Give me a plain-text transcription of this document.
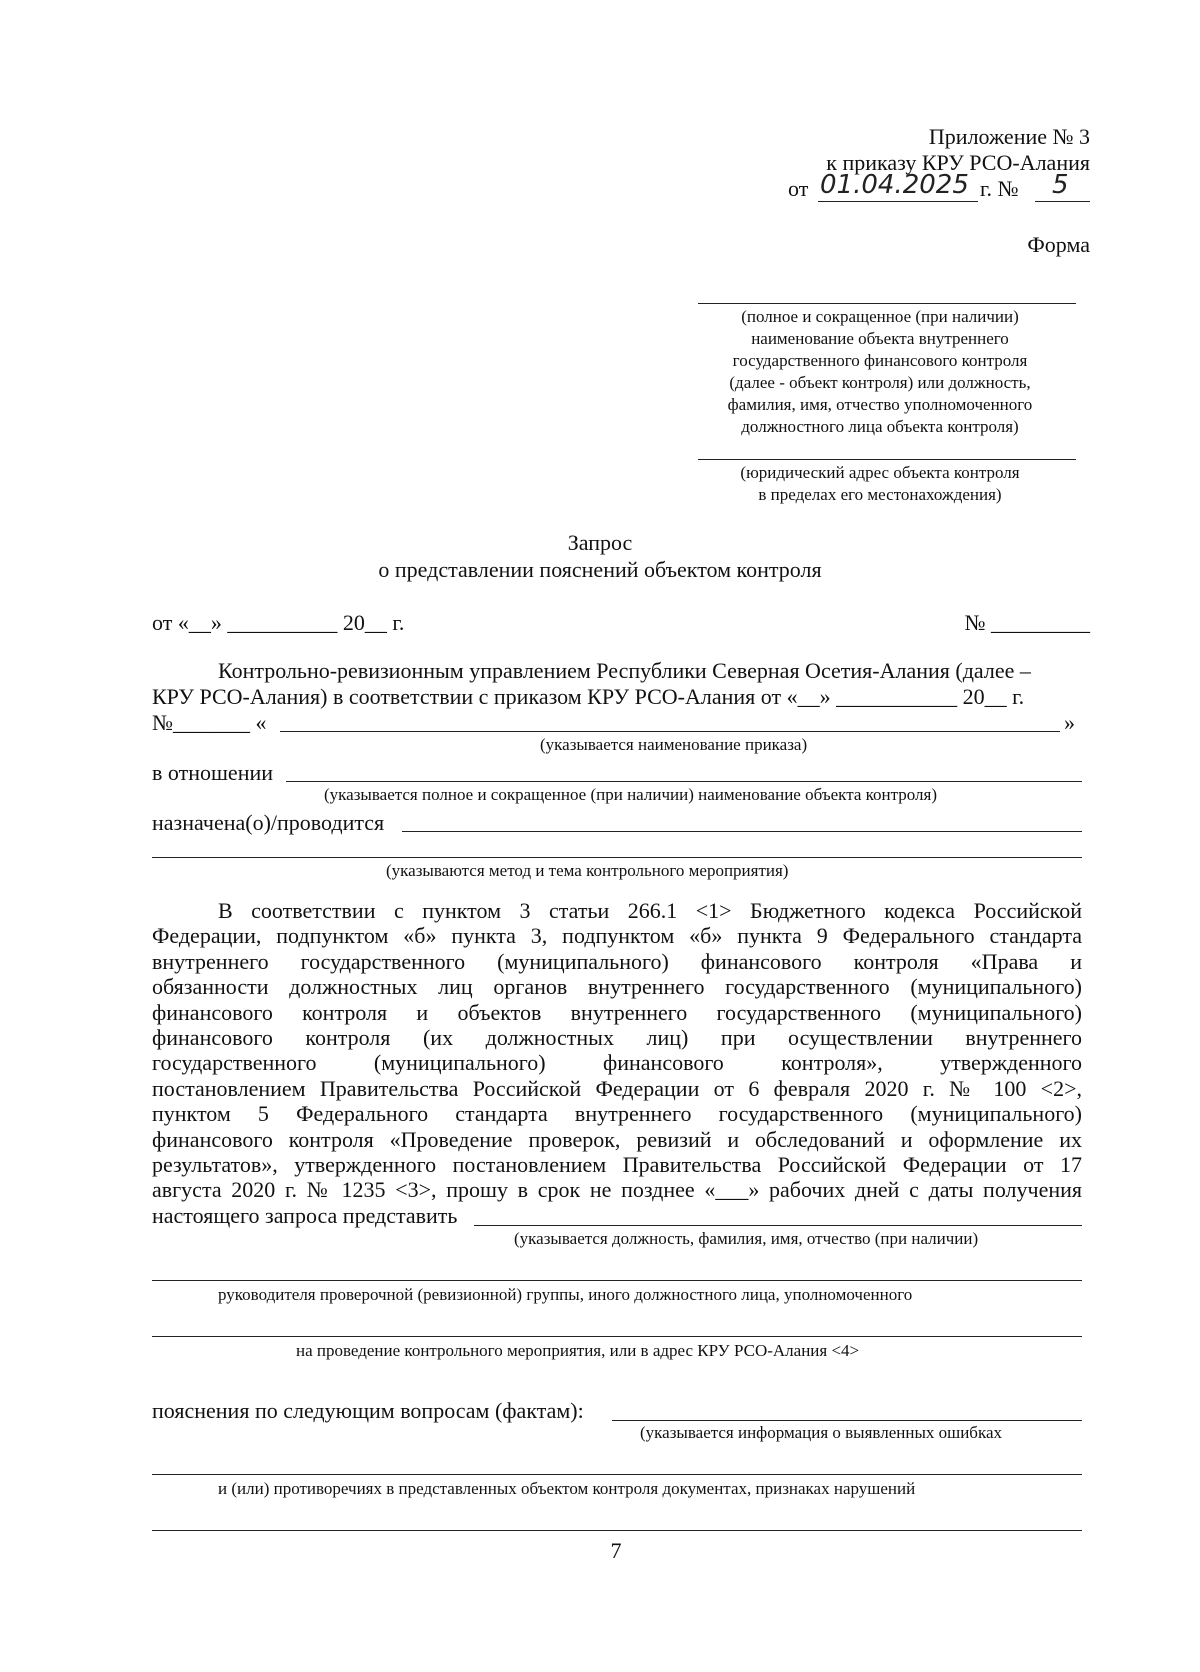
Приложение № 3
к приказу КРУ РСО-Алания
от 01.04.2025 г. № 5
Форма
(полное и сокращенное (при наличии)
наименование объекта внутреннего
государственного финансового контроля
(далее - объект контроля) или должность,
фамилия, имя, отчество уполномоченного
должностного лица объекта контроля)
(юридический адрес объекта контроля
в пределах его местонахождения)
Запрос
о представлении пояснений объектом контроля
от «__» __________ 20__ г.	№ _________
Контрольно-ревизионным управлением Республики Северная Осетия-Алания (далее –
КРУ РСО-Алания) в соответствии с приказом КРУ РСО-Алания от «__» ___________ 20__ г.
№_______ «	»
(указывается наименование приказа)
в отношении
(указывается полное и сокращенное (при наличии) наименование объекта контроля)
назначена(о)/проводится
(указываются метод и тема контрольного мероприятия)
В соответствии с пунктом 3 статьи 266.1 <1> Бюджетного кодекса Российской
Федерации, подпунктом «б» пункта 3, подпунктом «б» пункта 9 Федерального стандарта
внутреннего государственного (муниципального) финансового контроля «Права и
обязанности должностных лиц органов внутреннего государственного (муниципального)
финансового контроля и объектов внутреннего государственного (муниципального)
финансового контроля (их должностных лиц) при осуществлении внутреннего
государственного (муниципального) финансового контроля», утвержденного
постановлением Правительства Российской Федерации от 6 февраля 2020 г. № 100 <2>,
пунктом 5 Федерального стандарта внутреннего государственного (муниципального)
финансового контроля «Проведение проверок, ревизий и обследований и оформление их
результатов», утвержденного постановлением Правительства Российской Федерации от 17
августа 2020 г. № 1235 <3>, прошу в срок не позднее «___» рабочих дней с даты получения
настоящего запроса представить
(указывается должность, фамилия, имя, отчество (при наличии)
руководителя проверочной (ревизионной) группы, иного должностного лица, уполномоченного
на проведение контрольного мероприятия, или в адрес КРУ РСО-Алания <4>
пояснения по следующим вопросам (фактам):
(указывается информация о выявленных ошибках
и (или) противоречиях в представленных объектом контроля документах, признаках нарушений
7
